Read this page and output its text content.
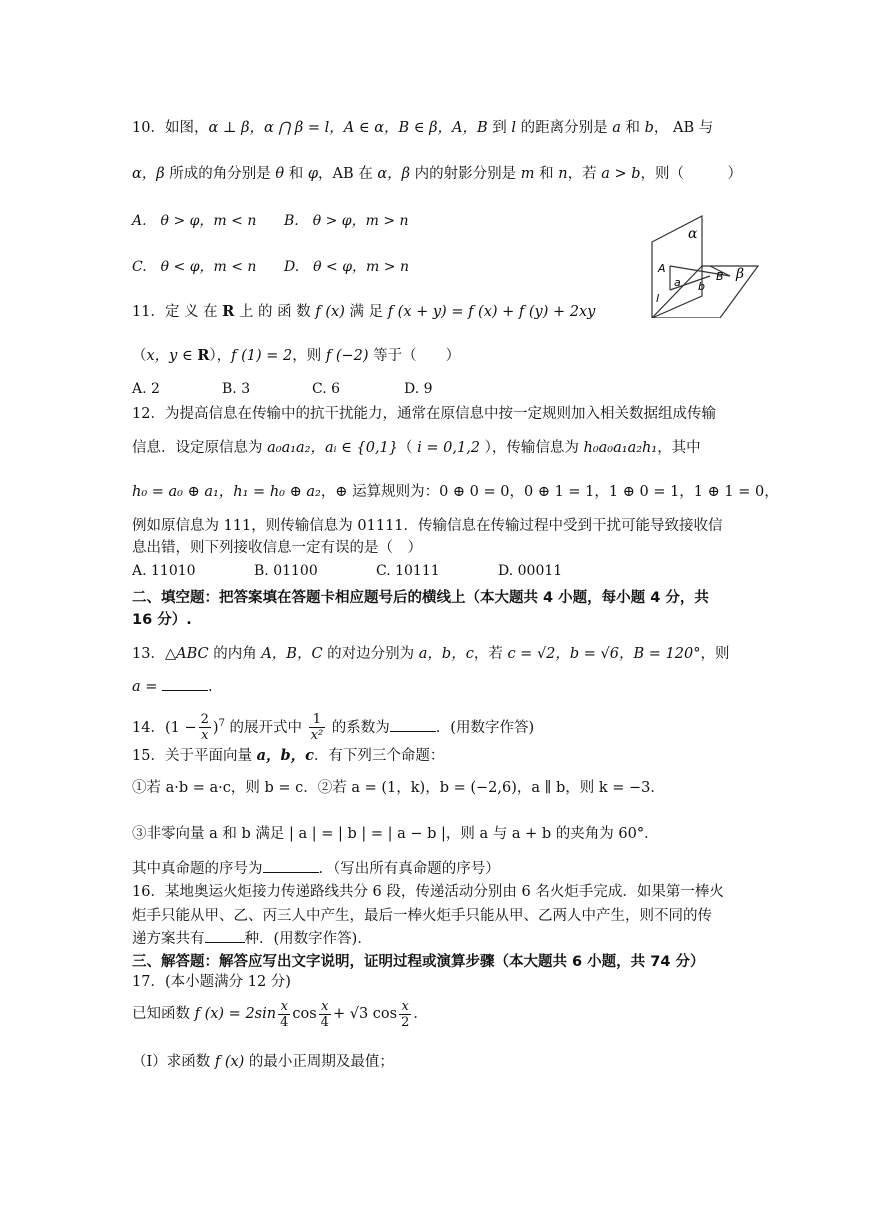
10．如图，α ⊥ β，α ⋂ β = l，A ∈ α，B ∈ β，A，B 到 l 的距离分别是 a 和 b， AB 与
α，β 所成的角分别是 θ 和 φ，AB 在 α，β 内的射影分别是 m 和 n，若 a > b，则（　　　）
A.　θ > φ，m < n B.　θ > φ，m > n
C.　θ < φ，m < n D.　θ < φ，m > n
α
β
A
a b
B
l
11．定 义 在 R 上 的 函 数 f (x) 满 足 f (x + y) = f (x) + f (y) + 2xy
（x，y ∈ R），f (1) = 2，则 f (−2) 等于（　　）
A. 2	B. 3	C. 6	D. 9
12．为提高信息在传输中的抗干扰能力，通常在原信息中按一定规则加入相关数据组成传输
信息．设定原信息为 a₀a₁a₂，aᵢ ∈ {0,1}（ i = 0,1,2 ），传输信息为 h₀a₀a₁a₂h₁，其中
h₀ = a₀ ⊕ a₁，h₁ = h₀ ⊕ a₂，⊕ 运算规则为：0 ⊕ 0 = 0，0 ⊕ 1 = 1，1 ⊕ 0 = 1，1 ⊕ 1 = 0，
例如原信息为 111，则传输信息为 01111．传输信息在传输过程中受到干扰可能导致接收信
息出错，则下列接收信息一定有误的是（　）
A. 11010	B. 01100	C. 10111	D. 00011
二、填空题：把答案填在答题卡相应题号后的横线上（本大题共 4 小题，每小题 4 分，共
16 分）.
13．△ABC 的内角 A，B，C 的对边分别为 a，b，c，若 c = √2，b = √6，B = 120°，则
a =	.
14．$(1 - \frac{2}{x} )^7$ 的展开式中 $\frac{1}{\text{x²}}$ 的系数为	．(用数字作答)
15．关于平面向量 a，b，c．有下列三个命题：
①若 a·b = a·c，则 b = c．②若 a = (1，k)，b = (−2,6)，a ∥ b，则 k = −3．
③非零向量 a 和 b 满足 | a | = | b | = | a − b |，则 a 与 a + b 的夹角为 60°．
其中真命题的序号为	．（写出所有真命题的序号）
16．某地奥运火炬接力传递路线共分 6 段，传递活动分别由 6 名火炬手完成．如果第一棒火
炬手只能从甲、乙、丙三人中产生，最后一棒火炬手只能从甲、乙两人中产生，则不同的传
递方案共有	种．(用数字作答)．
三、解答题：解答应写出文字说明，证明过程或演算步骤（本大题共 6 小题，共 74 分）
17．(本小题满分 12 分)
已知函数 f $(x) = 2\sin \frac{x}{4}$ $\cos \frac{x}{4} + √3$ $\cos \frac{x}{2}$ ．
（Ⅰ）求函数 f (x) 的最小正周期及最值；
